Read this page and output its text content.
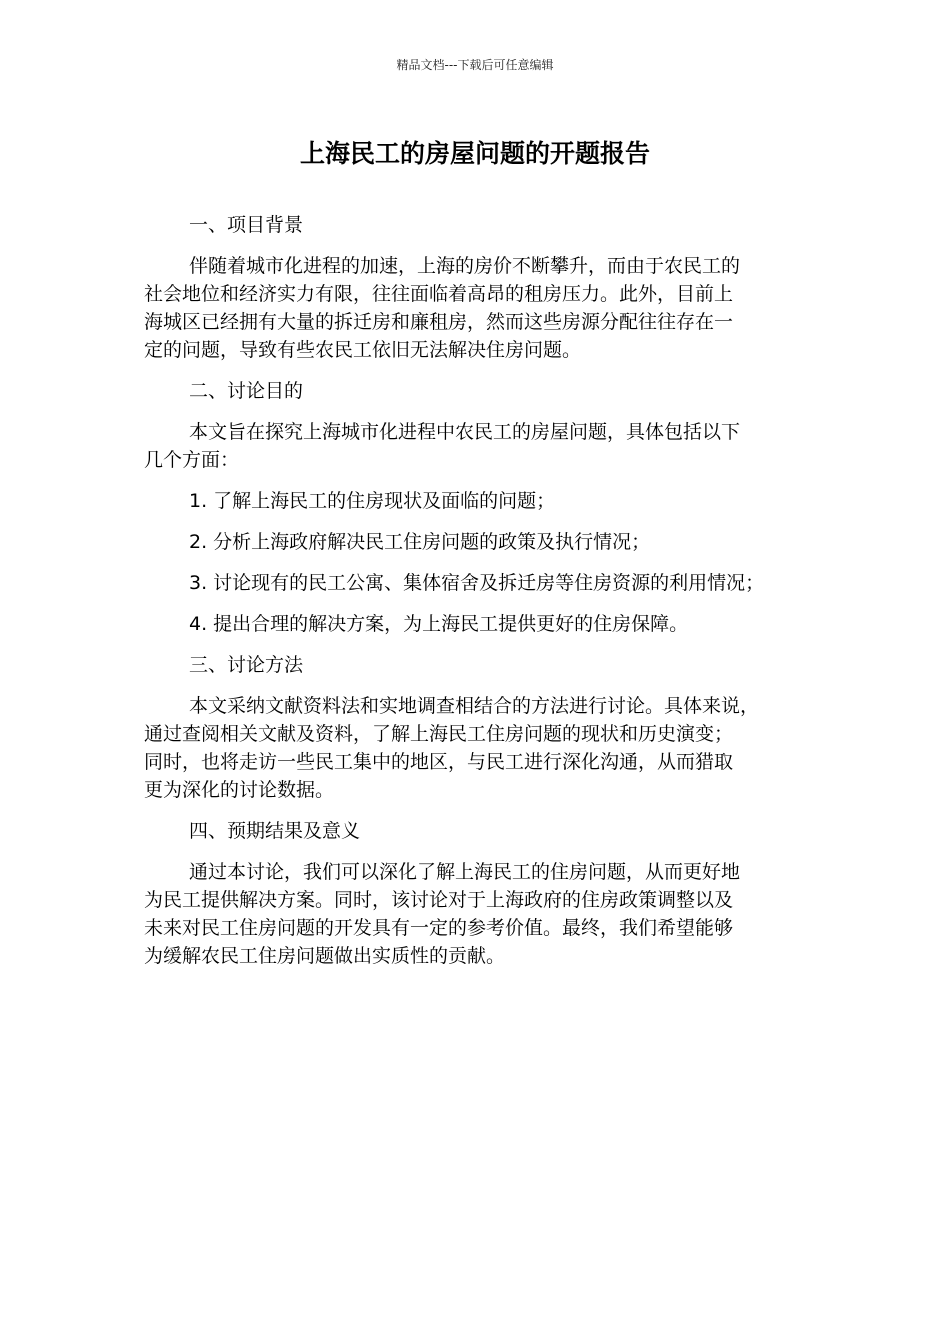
精品文档---下载后可任意编辑
上海民工的房屋问题的开题报告

一、项目背景

伴随着城市化进程的加速，上海的房价不断攀升，而由于农民工的
社会地位和经济实力有限，往往面临着高昂的租房压力。此外，目前上
海城区已经拥有大量的拆迁房和廉租房，然而这些房源分配往往存在一
定的问题，导致有些农民工依旧无法解决住房问题。

二、讨论目的

本文旨在探究上海城市化进程中农民工的房屋问题，具体包括以下
几个方面：

1. 了解上海民工的住房现状及面临的问题；

2. 分析上海政府解决民工住房问题的政策及执行情况；

3. 讨论现有的民工公寓、集体宿舍及拆迁房等住房资源的利用情况；

4. 提出合理的解决方案，为上海民工提供更好的住房保障。

三、讨论方法

本文采纳文献资料法和实地调查相结合的方法进行讨论。具体来说，
通过查阅相关文献及资料，了解上海民工住房问题的现状和历史演变；
同时，也将走访一些民工集中的地区，与民工进行深化沟通，从而猎取
更为深化的讨论数据。

四、预期结果及意义

通过本讨论，我们可以深化了解上海民工的住房问题，从而更好地
为民工提供解决方案。同时，该讨论对于上海政府的住房政策调整以及
未来对民工住房问题的开发具有一定的参考价值。最终，我们希望能够
为缓解农民工住房问题做出实质性的贡献。
